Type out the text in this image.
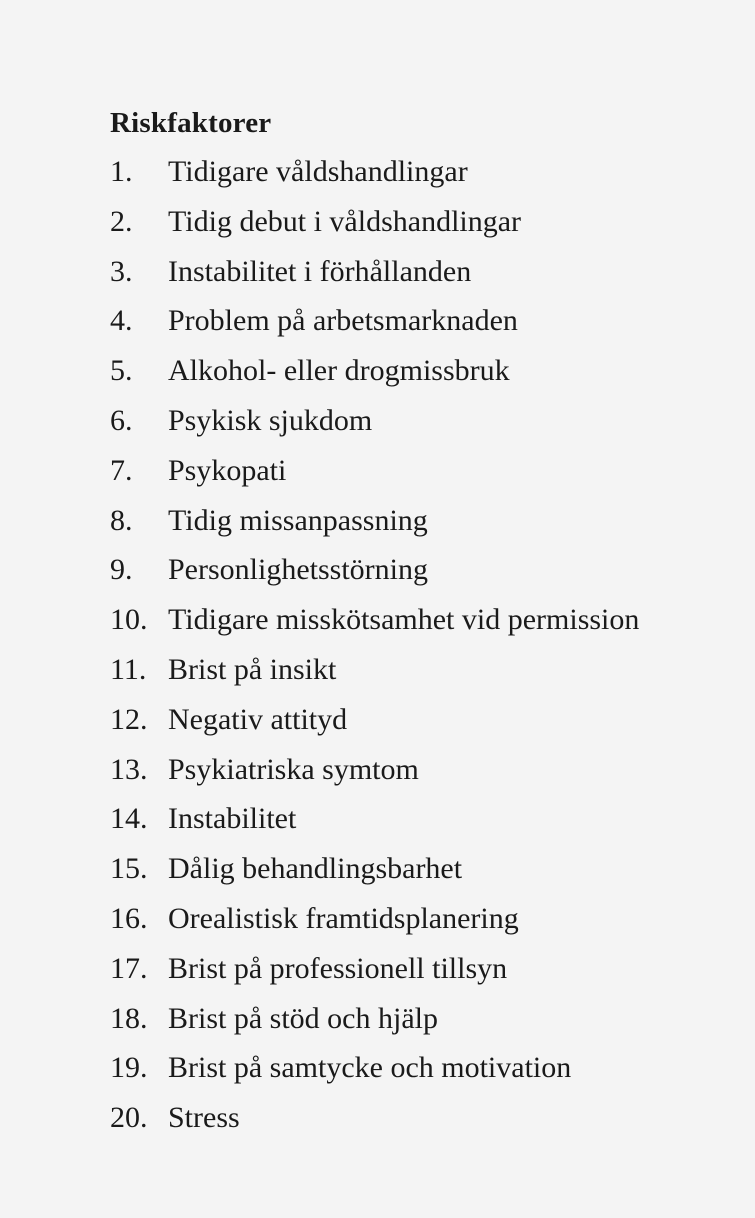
Riskfaktorer
1.	Tidigare våldshandlingar
2.	Tidig debut i våldshandlingar
3.	Instabilitet i förhållanden
4.	Problem på arbetsmarknaden
5.	Alkohol- eller drogmissbruk
6.	Psykisk sjukdom
7.	Psykopati
8.	Tidig missanpassning
9.	Personlighetsstörning
10. Tidigare misskötsamhet vid permission
11. Brist på insikt
12. Negativ attityd
13. Psykiatriska symtom
14. Instabilitet
15. Dålig behandlingsbarhet
16. Orealistisk framtidsplanering
17. Brist på professionell tillsyn
18. Brist på stöd och hjälp
19. Brist på samtycke och motivation
20. Stress
